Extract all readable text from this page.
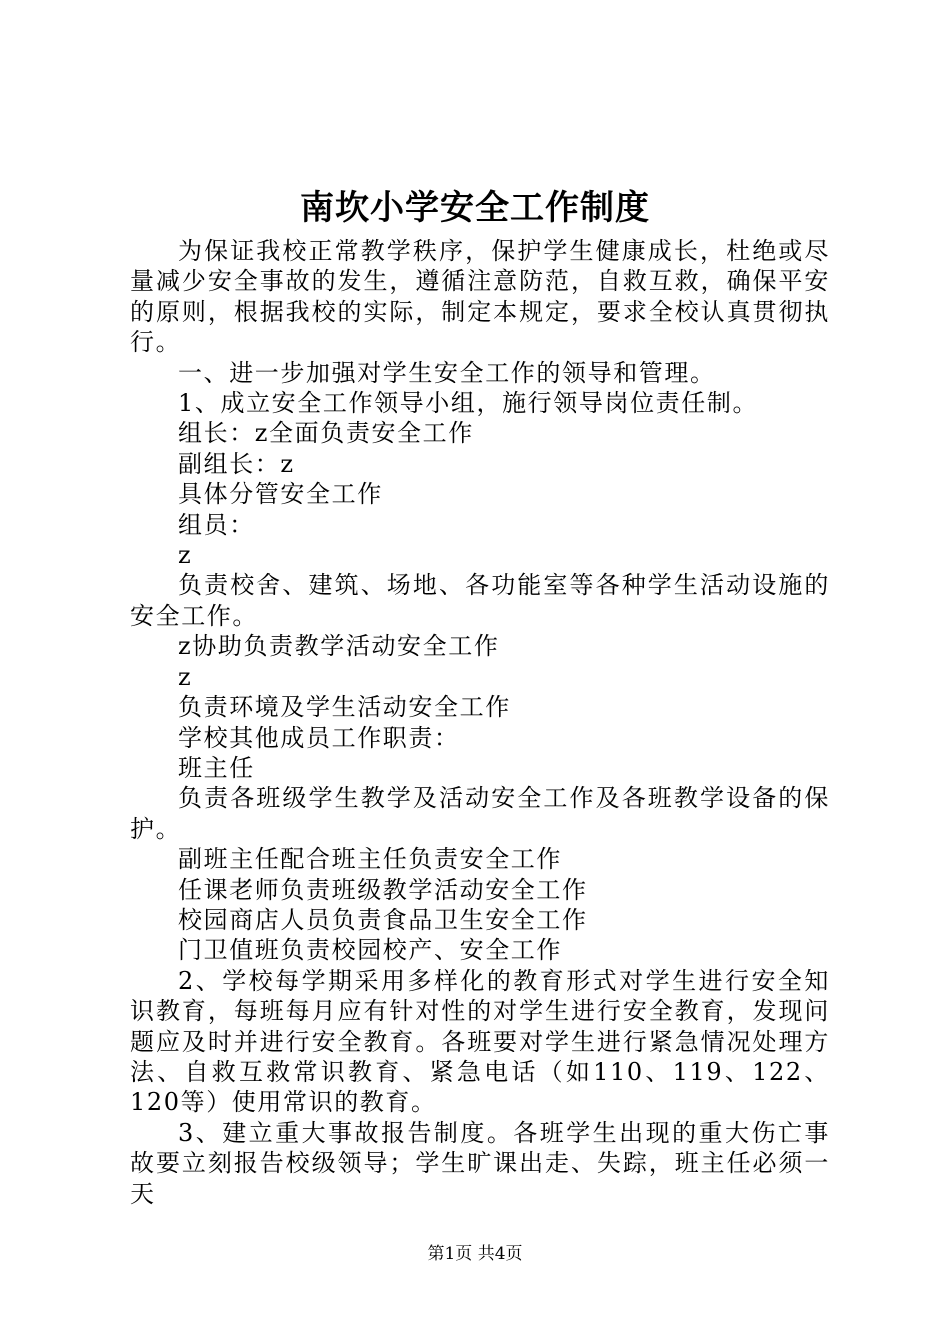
南坎小学安全工作制度

为保证我校正常教学秩序，保护学生健康成长，杜绝或尽量减少安全事故的发生，遵循注意防范，自救互救，确保平安的原则，根据我校的实际，制定本规定，要求全校认真贯彻执行。

一、进一步加强对学生安全工作的领导和管理。

1、成立安全工作领导小组，施行领导岗位责任制。

组长：z全面负责安全工作

副组长：z

具体分管安全工作

组员：

z

负责校舍、建筑、场地、各功能室等各种学生活动设施的安全工作。

z协助负责教学活动安全工作

z

负责环境及学生活动安全工作

学校其他成员工作职责：

班主任

负责各班级学生教学及活动安全工作及各班教学设备的保护。

副班主任配合班主任负责安全工作

任课老师负责班级教学活动安全工作

校园商店人员负责食品卫生安全工作

门卫值班负责校园校产、安全工作

2、学校每学期采用多样化的教育形式对学生进行安全知识教育，每班每月应有针对性的对学生进行安全教育，发现问题应及时并进行安全教育。各班要对学生进行紧急情况处理方法、自救互救常识教育、紧急电话（如110、119、122、120等）使用常识的教育。

3、建立重大事故报告制度。各班学生出现的重大伤亡事故要立刻报告校级领导；学生旷课出走、失踪，班主任必须一天

第1页 共4页
